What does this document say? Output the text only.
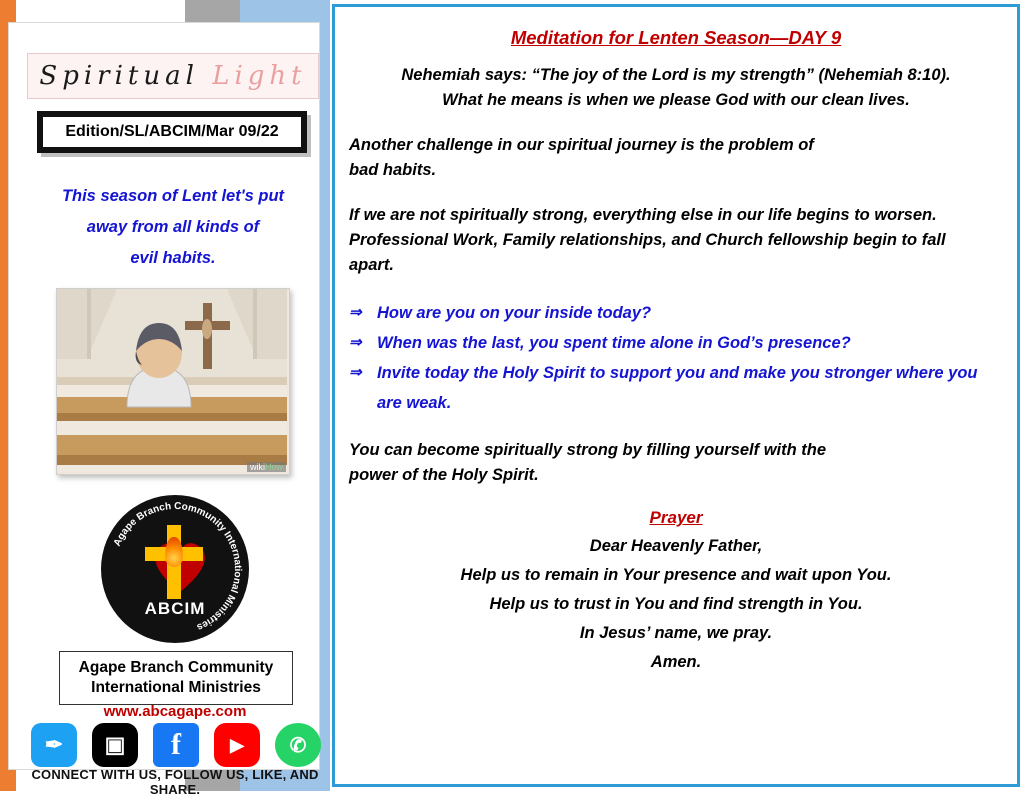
Spiritual Light
Edition/SL/ABCIM/Mar 09/22
This season of Lent let's put
away from all kinds of
evil habits.
wikiHow
Agape Branch Community International Ministries
ABCIM
Agape Branch Community
International Ministries
www.abcagape.com
✒	▣	f	▶	✆
CONNECT WITH US, FOLLOW US, LIKE, AND SHARE.
Meditation for Lenten Season—DAY 9
Nehemiah says: “The joy of the Lord is my strength” (Nehemiah 8:10).
What he means is when we please God with our clean lives.
Another challenge in our spiritual journey is the problem of
bad habits.
If we are not spiritually strong, everything else in our life begins to worsen.
Professional Work, Family relationships, and Church fellowship begin to fall
apart.
⇒ How are you on your inside today?
⇒ When was the last, you spent time alone in God’s presence?
⇒ Invite today the Holy Spirit to support you and make you stronger where you are weak.
You can become spiritually strong by filling yourself with the
power of the Holy Spirit.
Prayer
Dear Heavenly Father,
Help us to remain in Your presence and wait upon You.
Help us to trust in You and find strength in You.
In Jesus’ name, we pray.
Amen.
